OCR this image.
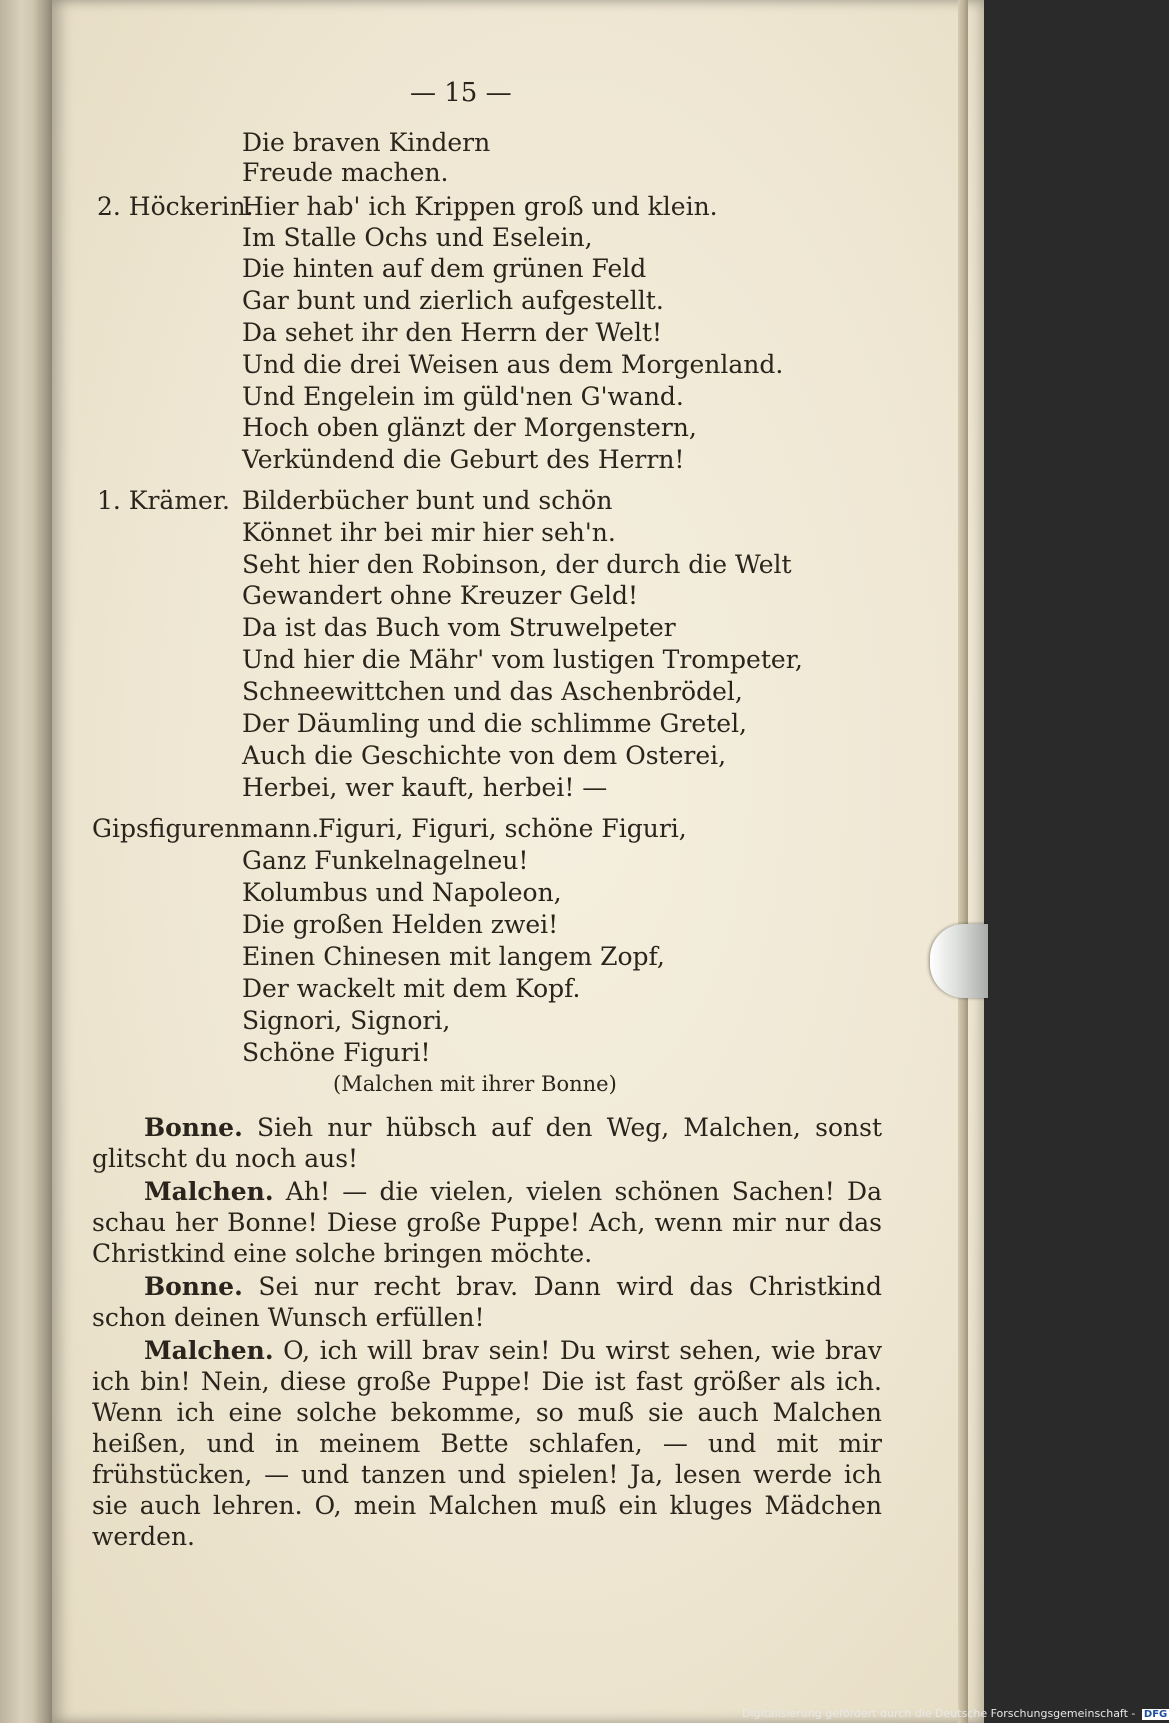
— 15 —
Die braven Kindern
Freude machen.
2. Höckerin.
Hier hab' ich Krippen groß und klein.
Im Stalle Ochs und Eselein,
Die hinten auf dem grünen Feld
Gar bunt und zierlich aufgestellt.
Da sehet ihr den Herrn der Welt!
Und die drei Weisen aus dem Morgenland.
Und Engelein im güld'nen G'wand.
Hoch oben glänzt der Morgenstern,
Verkündend die Geburt des Herrn!
1. Krämer. Bilderbücher bunt und schön
Könnet ihr bei mir hier seh'n.
Seht hier den Robinson, der durch die Welt
Gewandert ohne Kreuzer Geld!
Da ist das Buch vom Struwelpeter
Und hier die Mähr' vom lustigen Trompeter,
Schneewittchen und das Aschenbrödel,
Der Däumling und die schlimme Gretel,
Auch die Geschichte von dem Osterei,
Herbei, wer kauft, herbei! —
Gipsfigurenmann.
Figuri, Figuri, schöne Figuri,
Ganz Funkelnagelneu!
Kolumbus und Napoleon,
Die großen Helden zwei!
Einen Chinesen mit langem Zopf,
Der wackelt mit dem Kopf.
Signori, Signori,
Schöne Figuri!
(Malchen mit ihrer Bonne)

Bonne. Sieh nur hübsch auf den Weg, Malchen, sonst glitscht du noch aus!

Malchen. Ah! — die vielen, vielen schönen Sachen! Da schau her Bonne! Diese große Puppe! Ach, wenn mir nur das Christkind eine solche bringen möchte.

Bonne. Sei nur recht brav. Dann wird das Christkind schon deinen Wunsch erfüllen!

Malchen. O, ich will brav sein! Du wirst sehen, wie brav ich bin! Nein, diese große Puppe! Die ist fast größer als ich. Wenn ich eine solche bekomme, so muß sie auch Malchen heißen, und in meinem Bette schlafen, — und mit mir frühstücken, — und tanzen und spielen! Ja, lesen werde ich sie auch lehren. O, mein Malchen muß ein kluges Mädchen werden.

Digitalisierung gefördert durch die Deutsche Forschungsgemeinschaft - DFG
